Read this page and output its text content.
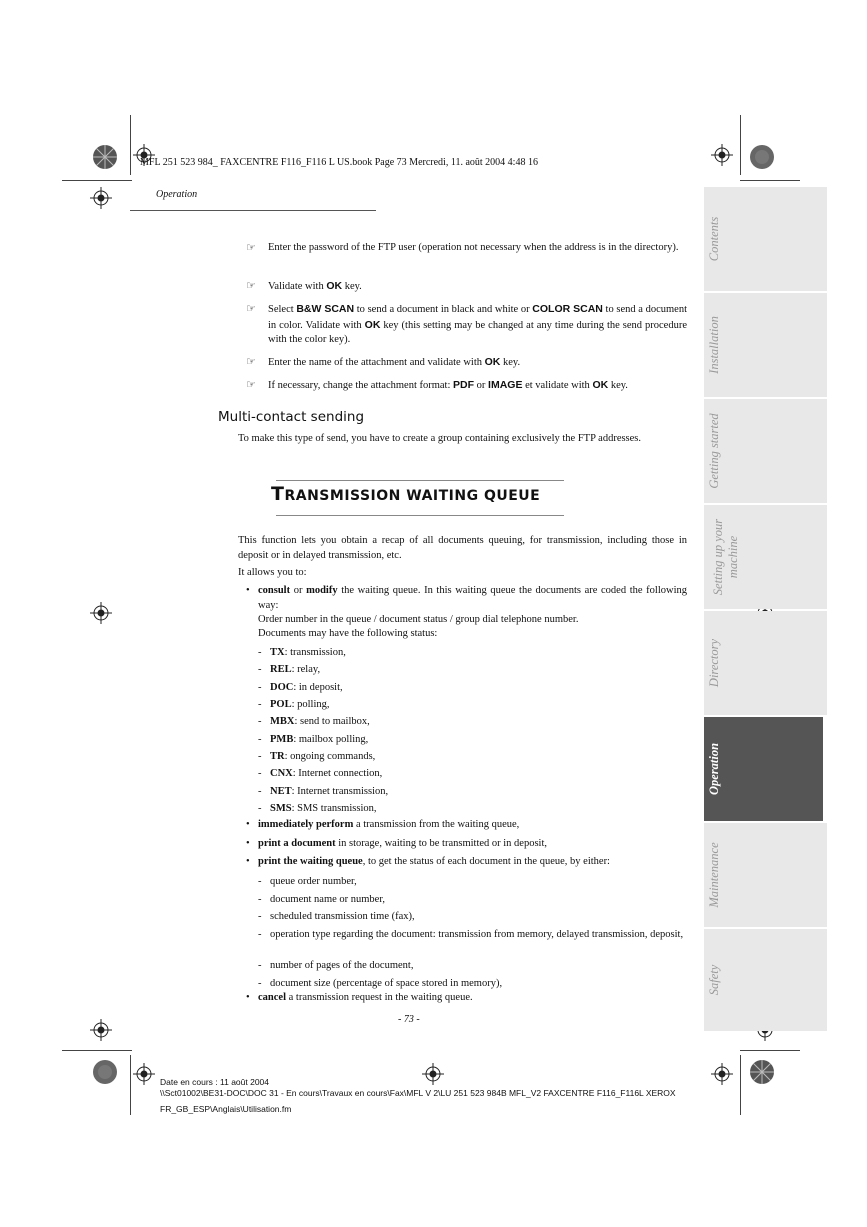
MFL 251 523 984_ FAXCENTRE F116_F116 L US.book Page 73 Mercredi, 11. août 2004 4:48 16
Operation
☞	Enter the password of the FTP user (operation not necessary when the address is in the directory).
☞	Validate with OK key.
☞	Select B&W SCAN to send a document in black and white or COLOR SCAN to send a document in color. Validate with OK key (this setting may be changed at any time during the send procedure with the color key).
☞	Enter the name of the attachment and validate with OK key.
☞	If necessary, change the attachment format: PDF or IMAGE et validate with OK key.
Multi-contact sending
To make this type of send, you have to create a group containing exclusively the FTP addresses.
TRANSMISSION WAITING QUEUE
This function lets you obtain a recap of all documents queuing, for transmission, including those in deposit or in delayed transmission, etc.
It allows you to:
• consult or modify the waiting queue. In this waiting queue the documents are coded the following way:
Order number in the queue / document status / group dial telephone number.
Documents may have the following status:
- TX: transmission,
- REL: relay,
- DOC: in deposit,
- POL: polling,
- MBX: send to mailbox,
- PMB: mailbox polling,
- TR: ongoing commands,
- CNX: Internet connection,
- NET: Internet transmission,
- SMS: SMS transmission,
• immediately perform a transmission from the waiting queue,
• print a document in storage, waiting to be transmitted or in deposit,
• print the waiting queue, to get the status of each document in the queue, by either:
- queue order number,
- document name or number,
- scheduled transmission time (fax),
- operation type regarding the document: transmission from memory, delayed transmission, deposit,
- number of pages of the document,
- document size (percentage of space stored in memory),
• cancel a transmission request in the waiting queue.
- 73 -
Contents
Installation
Getting started
Setting up your machine
Directory
Operation
Maintenance
Safety
Date en cours : 11 août 2004
\\Sct01002\BE31-DOC\DOC 31 - En cours\Travaux en cours\Fax\MFL V 2\LU 251 523 984B MFL_V2 FAXCENTRE F116_F116L XEROX
FR_GB_ESP\Anglais\Utilisation.fm
